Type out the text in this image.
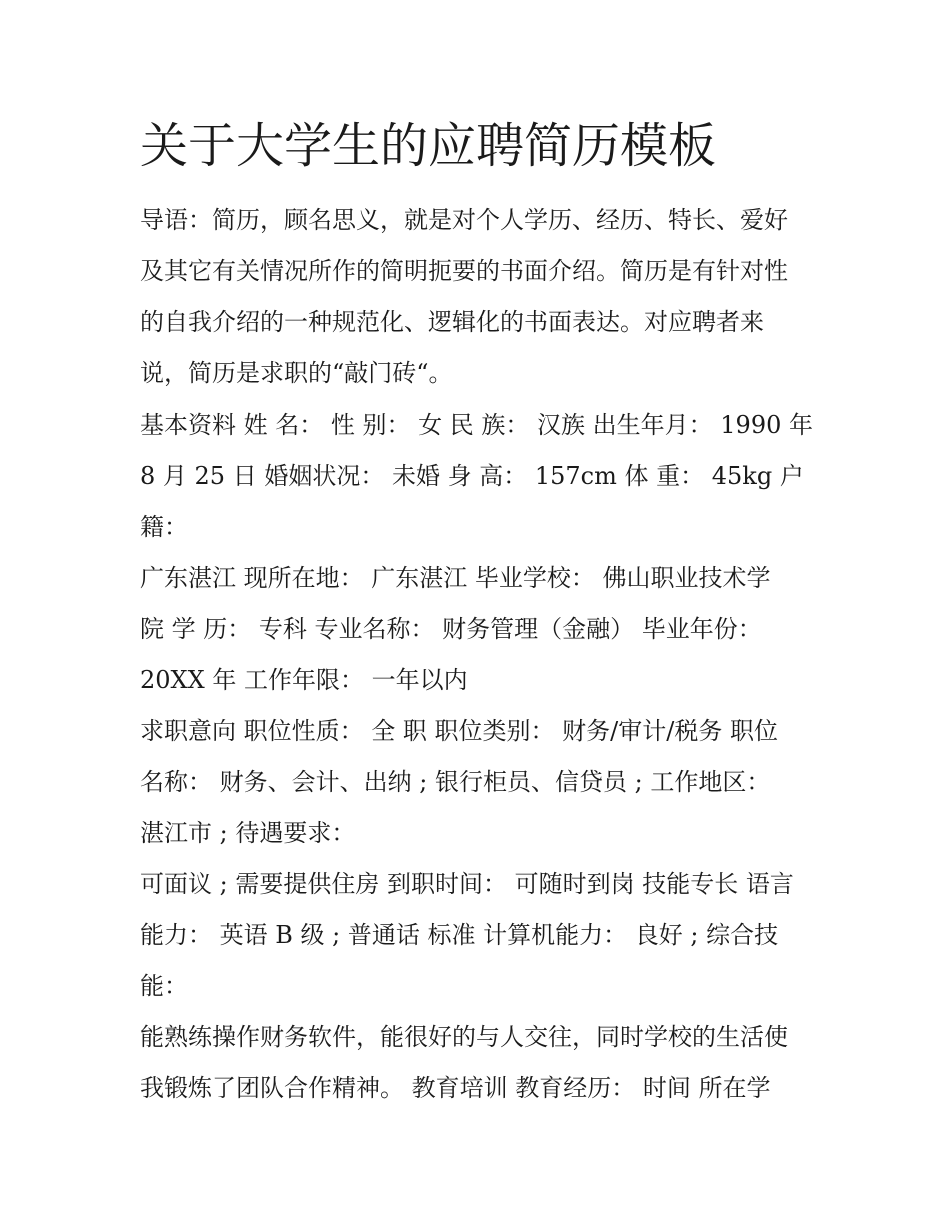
关于大学生的应聘简历模板

导语：简历，顾名思义，就是对个人学历、经历、特长、爱好

及其它有关情况所作的简明扼要的书面介绍。简历是有针对性

的自我介绍的一种规范化、逻辑化的书面表达。对应聘者来

说，简历是求职的“敲门砖“。

基本资料 姓 名： 性 别： 女 民 族： 汉族 出生年月： 1990 年

8 月 25 日 婚姻状况： 未婚 身 高： 157cm 体 重： 45kg 户

籍：

广东湛江 现所在地： 广东湛江 毕业学校： 佛山职业技术学

院 学 历： 专科 专业名称： 财务管理（金融） 毕业年份：

20XX 年 工作年限： 一年以内

求职意向 职位性质： 全 职 职位类别： 财务/审计/税务 职位

名称： 财务、会计、出纳 ; 银行柜员、信贷员 ; 工作地区：

湛江市 ; 待遇要求：

可面议 ; 需要提供住房 到职时间： 可随时到岗 技能专长 语言

能力： 英语 B 级 ; 普通话 标准 计算机能力： 良好 ; 综合技

能：

能熟练操作财务软件，能很好的与人交往，同时学校的生活使

我锻炼了团队合作精神。 教育培训 教育经历： 时间 所在学
